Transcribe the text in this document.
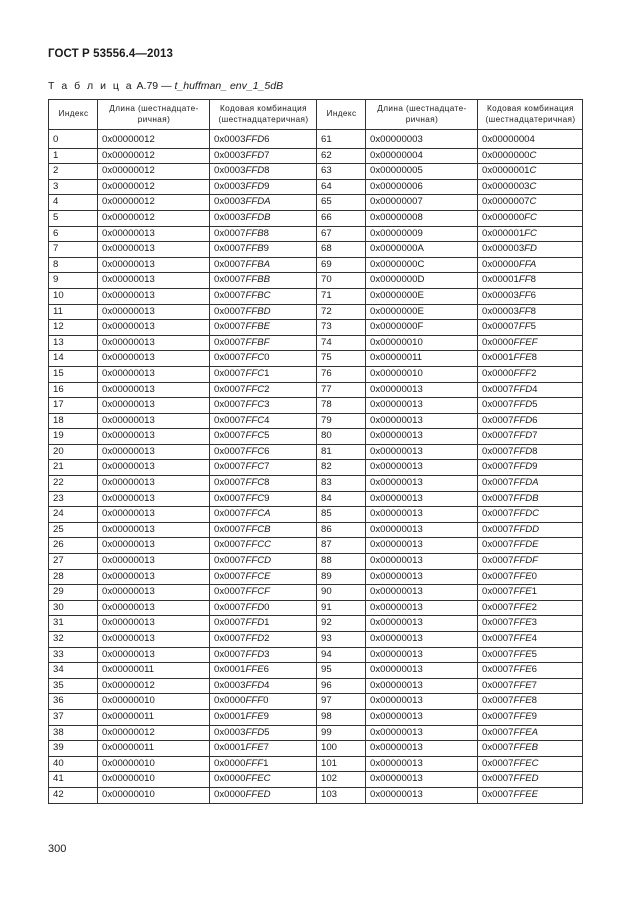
ГОСТ Р 53556.4—2013
Т а б л и ц а A.79 — t_huffman_ env_1_5dB
Индекс	Длина (шестнадцате-ричная)	Кодовая комбинация (шестнадцатеричная)	Индекс	Длина (шестнадцате-ричная)	Кодовая комбинация (шестнадцатеричная)
0	0x00000012	0x0003FFD6	61	0x00000003	0x00000004
1	0x00000012	0x0003FFD7	62	0x00000004	0x0000000C
2	0x00000012	0x0003FFD8	63	0x00000005	0x0000001C
3	0x00000012	0x0003FFD9	64	0x00000006	0x0000003C
4	0x00000012	0x0003FFDA	65	0x00000007	0x0000007C
5	0x00000012	0x0003FFDB	66	0x00000008	0x000000FC
6	0x00000013	0x0007FFB8	67	0x00000009	0x000001FC
7	0x00000013	0x0007FFB9	68	0x0000000A	0x000003FD
8	0x00000013	0x0007FFBA	69	0x0000000C	0x00000FFA
9	0x00000013	0x0007FFBB	70	0x0000000D	0x00001FF8
10	0x00000013	0x0007FFBC	71	0x0000000E	0x00003FF6
11	0x00000013	0x0007FFBD	72	0x0000000E	0x00003FF8
12	0x00000013	0x0007FFBE	73	0x0000000F	0x00007FF5
13	0x00000013	0x0007FFBF	74	0x00000010	0x0000FFEF
14	0x00000013	0x0007FFC0	75	0x00000011	0x0001FFE8
15	0x00000013	0x0007FFC1	76	0x00000010	0x0000FFF2
16	0x00000013	0x0007FFC2	77	0x00000013	0x0007FFD4
17	0x00000013	0x0007FFC3	78	0x00000013	0x0007FFD5
18	0x00000013	0x0007FFC4	79	0x00000013	0x0007FFD6
19	0x00000013	0x0007FFC5	80	0x00000013	0x0007FFD7
20	0x00000013	0x0007FFC6	81	0x00000013	0x0007FFD8
21	0x00000013	0x0007FFC7	82	0x00000013	0x0007FFD9
22	0x00000013	0x0007FFC8	83	0x00000013	0x0007FFDA
23	0x00000013	0x0007FFC9	84	0x00000013	0x0007FFDB
24	0x00000013	0x0007FFCA	85	0x00000013	0x0007FFDC
25	0x00000013	0x0007FFCB	86	0x00000013	0x0007FFDD
26	0x00000013	0x0007FFCC	87	0x00000013	0x0007FFDE
27	0x00000013	0x0007FFCD	88	0x00000013	0x0007FFDF
28	0x00000013	0x0007FFCE	89	0x00000013	0x0007FFE0
29	0x00000013	0x0007FFCF	90	0x00000013	0x0007FFE1
30	0x00000013	0x0007FFD0	91	0x00000013	0x0007FFE2
31	0x00000013	0x0007FFD1	92	0x00000013	0x0007FFE3
32	0x00000013	0x0007FFD2	93	0x00000013	0x0007FFE4
33	0x00000013	0x0007FFD3	94	0x00000013	0x0007FFE5
34	0x00000011	0x0001FFE6	95	0x00000013	0x0007FFE6
35	0x00000012	0x0003FFD4	96	0x00000013	0x0007FFE7
36	0x00000010	0x0000FFF0	97	0x00000013	0x0007FFE8
37	0x00000011	0x0001FFE9	98	0x00000013	0x0007FFE9
38	0x00000012	0x0003FFD5	99	0x00000013	0x0007FFEA
39	0x00000011	0x0001FFE7	100	0x00000013	0x0007FFEB
40	0x00000010	0x0000FFF1	101	0x00000013	0x0007FFEC
41	0x00000010	0x0000FFEC	102	0x00000013	0x0007FFED
42	0x00000010	0x0000FFED	103	0x00000013	0x0007FFEE
300
